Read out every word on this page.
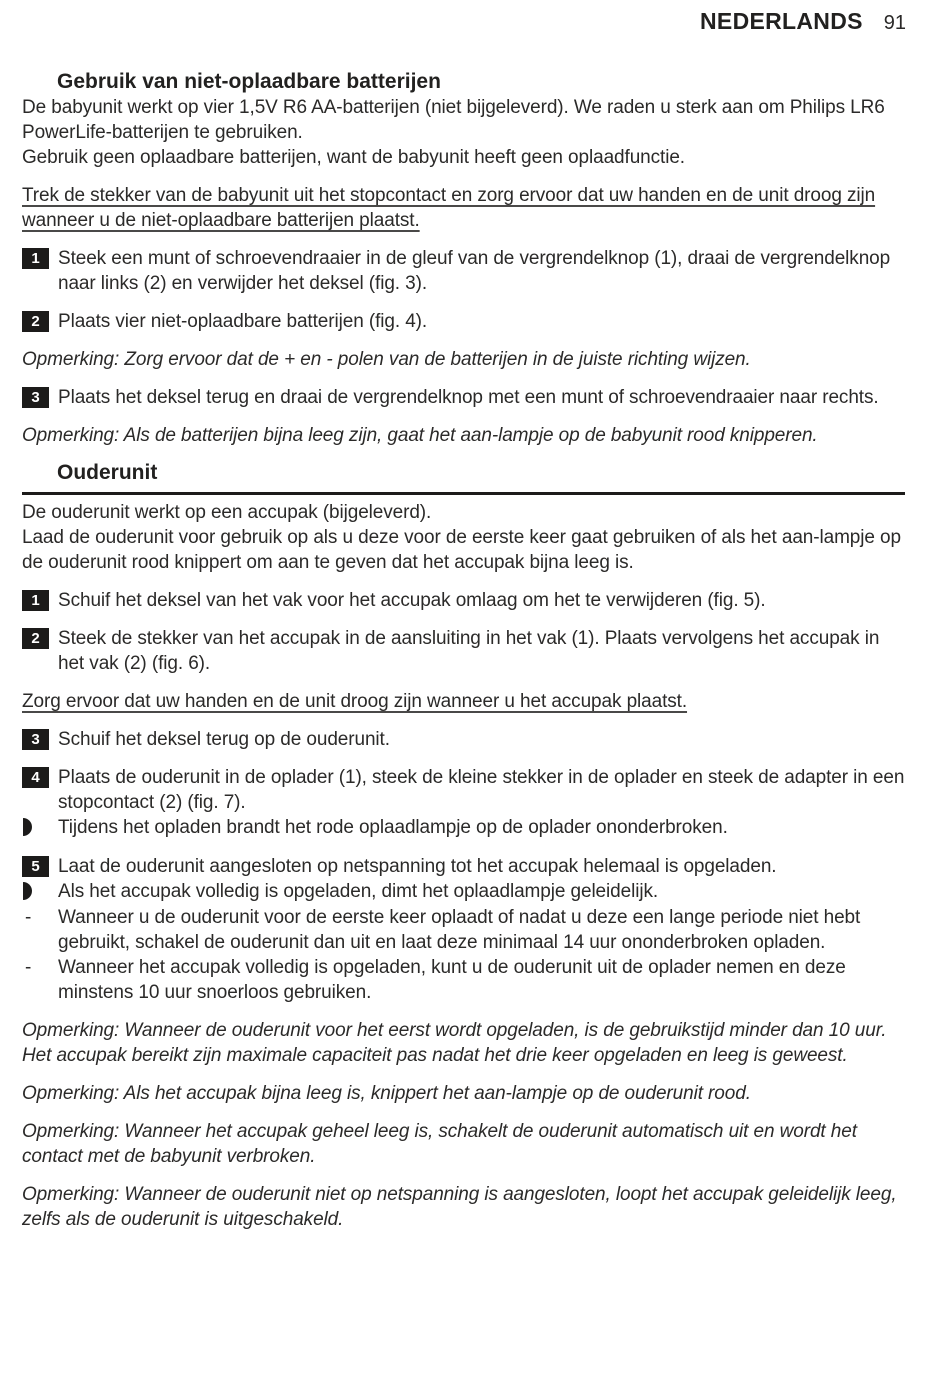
NEDERLANDS 91
Gebruik van niet-oplaadbare batterijen

De babyunit werkt op vier 1,5V R6 AA-batterijen (niet bijgeleverd). We raden u sterk aan om Philips LR6 PowerLife-batterijen te gebruiken.

Gebruik geen oplaadbare batterijen, want de babyunit heeft geen oplaadfunctie.

Trek de stekker van de babyunit uit het stopcontact en zorg ervoor dat uw handen en de unit droog zijn wanneer u de niet-oplaadbare batterijen plaatst.

1 Steek een munt of schroevendraaier in de gleuf van de vergrendelknop (1), draai de vergrendelknop naar links (2) en verwijder het deksel (fig. 3).

2 Plaats vier niet-oplaadbare batterijen (fig. 4).

Opmerking: Zorg ervoor dat de + en - polen van de batterijen in de juiste richting wijzen.

3 Plaats het deksel terug en draai de vergrendelknop met een munt of schroevendraaier naar rechts.

Opmerking: Als de batterijen bijna leeg zijn, gaat het aan-lampje op de babyunit rood knipperen.

Ouderunit

De ouderunit werkt op een accupak (bijgeleverd).

Laad de ouderunit voor gebruik op als u deze voor de eerste keer gaat gebruiken of als het aan-lampje op de ouderunit rood knippert om aan te geven dat het accupak bijna leeg is.

1 Schuif het deksel van het vak voor het accupak omlaag om het te verwijderen (fig. 5).

2 Steek de stekker van het accupak in de aansluiting in het vak (1). Plaats vervolgens het accupak in het vak (2) (fig. 6).

Zorg ervoor dat uw handen en de unit droog zijn wanneer u het accupak plaatst.

3 Schuif het deksel terug op de ouderunit.

4 Plaats de ouderunit in de oplader (1), steek de kleine stekker in de oplader en steek de adapter in een stopcontact (2) (fig. 7).

Tijdens het opladen brandt het rode oplaadlampje op de oplader ononderbroken.

5 Laat de ouderunit aangesloten op netspanning tot het accupak helemaal is opgeladen.

Als het accupak volledig is opgeladen, dimt het oplaadlampje geleidelijk.

-	Wanneer u de ouderunit voor de eerste keer oplaadt of nadat u deze een lange periode niet hebt gebruikt, schakel de ouderunit dan uit en laat deze minimaal 14 uur ononderbroken opladen.

-	Wanneer het accupak volledig is opgeladen, kunt u de ouderunit uit de oplader nemen en deze minstens 10 uur snoerloos gebruiken.

Opmerking: Wanneer de ouderunit voor het eerst wordt opgeladen, is de gebruikstijd minder dan 10 uur. Het accupak bereikt zijn maximale capaciteit pas nadat het drie keer opgeladen en leeg is geweest.

Opmerking: Als het accupak bijna leeg is, knippert het aan-lampje op de ouderunit rood.

Opmerking: Wanneer het accupak geheel leeg is, schakelt de ouderunit automatisch uit en wordt het contact met de babyunit verbroken.

Opmerking: Wanneer de ouderunit niet op netspanning is aangesloten, loopt het accupak geleidelijk leeg, zelfs als de ouderunit is uitgeschakeld.
